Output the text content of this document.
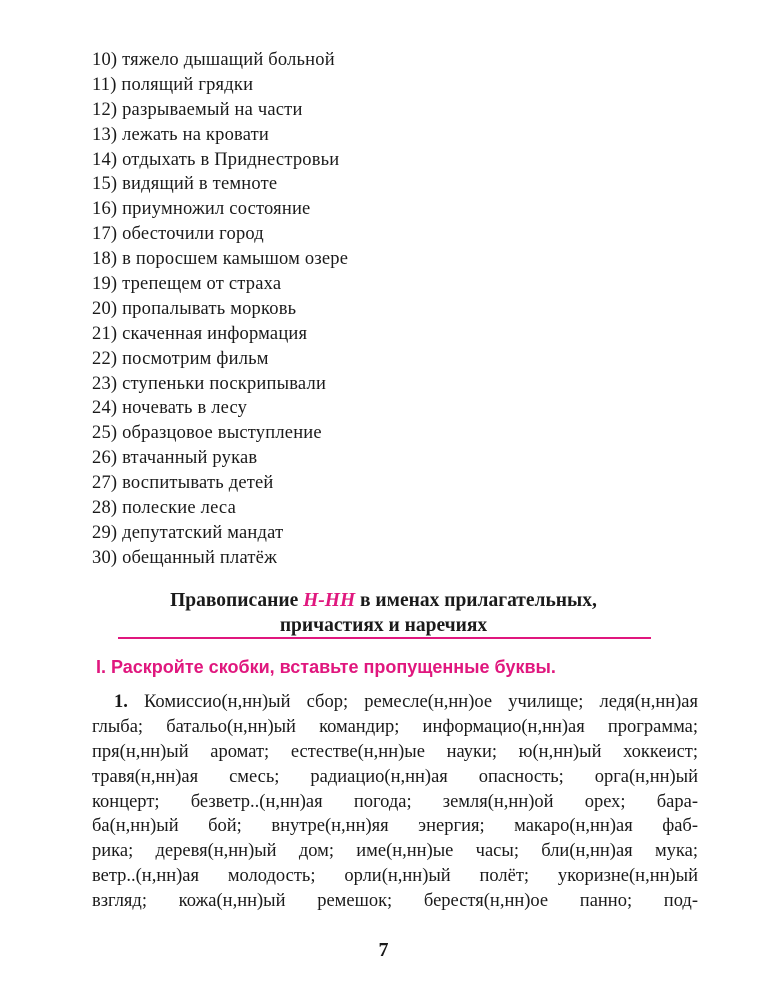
10) тяжело дышащий больной
11) полящий грядки
12) разрываемый на части
13) лежать на кровати
14) отдыхать в Приднестровьи
15) видящий в темноте
16) приумножил состояние
17) обесточили город
18) в поросшем камышом озере
19) трепещем от страха
20) пропалывать морковь
21) скаченная информация
22) посмотрим фильм
23) ступеньки поскрипывали
24) ночевать в лесу
25) образцовое выступление
26) втачанный рукав
27) воспитывать детей
28) полеские леса
29) депутатский мандат
30) обещанный платёж
Правописание Н-НН в именах прилагательных,
причастиях и наречиях
I. Раскройте скобки, вставьте пропущенные буквы.
1. Комиссио(н,нн)ый сбор; ремесле(н,нн)ое училище; ледя(н,нн)ая
глыба; батальо(н,нн)ый командир; информацио(н,нн)ая программа;
пря(н,нн)ый аромат; естестве(н,нн)ые науки; ю(н,нн)ый хоккеист;
травя(н,нн)ая смесь; радиацио(н,нн)ая опасность; орга(н,нн)ый
концерт; безветр..(н,нн)ая погода; земля(н,нн)ой орех; бара-
ба(н,нн)ый бой; внутре(н,нн)яя энергия; макаро(н,нн)ая фаб-
рика; деревя(н,нн)ый дом; име(н,нн)ые часы; бли(н,нн)ая мука;
ветр..(н,нн)ая молодость; орли(н,нн)ый полёт; укоризне(н,нн)ый
взгляд; кожа(н,нн)ый ремешок; берестя(н,нн)ое панно; под-
7
